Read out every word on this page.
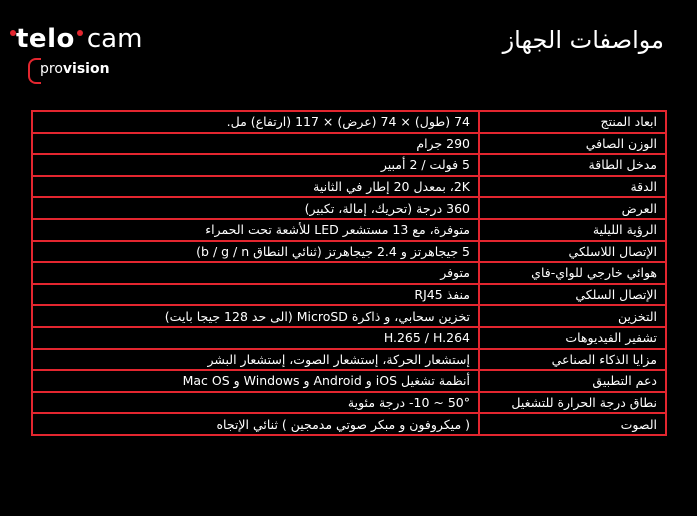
telo cam
provision
مواصفات الجهاز
ابعاد المنتج	74 (طول) × 74 (عرض) × 117 (ارتفاع) مل.
الوزن الصافي	290 جرام
مدخل الطاقة	5 فولت / 2 أمبير
الدقة	2K، بمعدل 20 إطار في الثانية
العرض	360 درجة (تحريك، إمالة، تكبير)
الرؤية الليلية	متوفرة، مع 13 مستشعر LED للأشعة تحت الحمراء
الإتصال اللاسلكي	5 جيجاهرتز و 2.4 جيجاهرتز (ثنائي النطاق b / g / n)
هوائي خارجي للواي-فاي	متوفر
الإتصال السلكي	منفذ RJ45
التخزين	تخزين سحابي، و ذاكرة MicroSD (الى حد 128 جيجا بايت)
تشفير الفيديوهات	H.265 / H.264
مزايا الذكاء الصناعي	إستشعار الحركة، إستشعار الصوت، إستشعار البشر
دعم التطبيق	أنظمة تشغيل iOS و Android و Windows و Mac OS
نطاق درجة الحرارة للتشغيل	50° ~ 10- درجة مئوية
الصوت	( ميكروفون و مبكر صوتي مدمجين ) ثنائي الإتجاه
